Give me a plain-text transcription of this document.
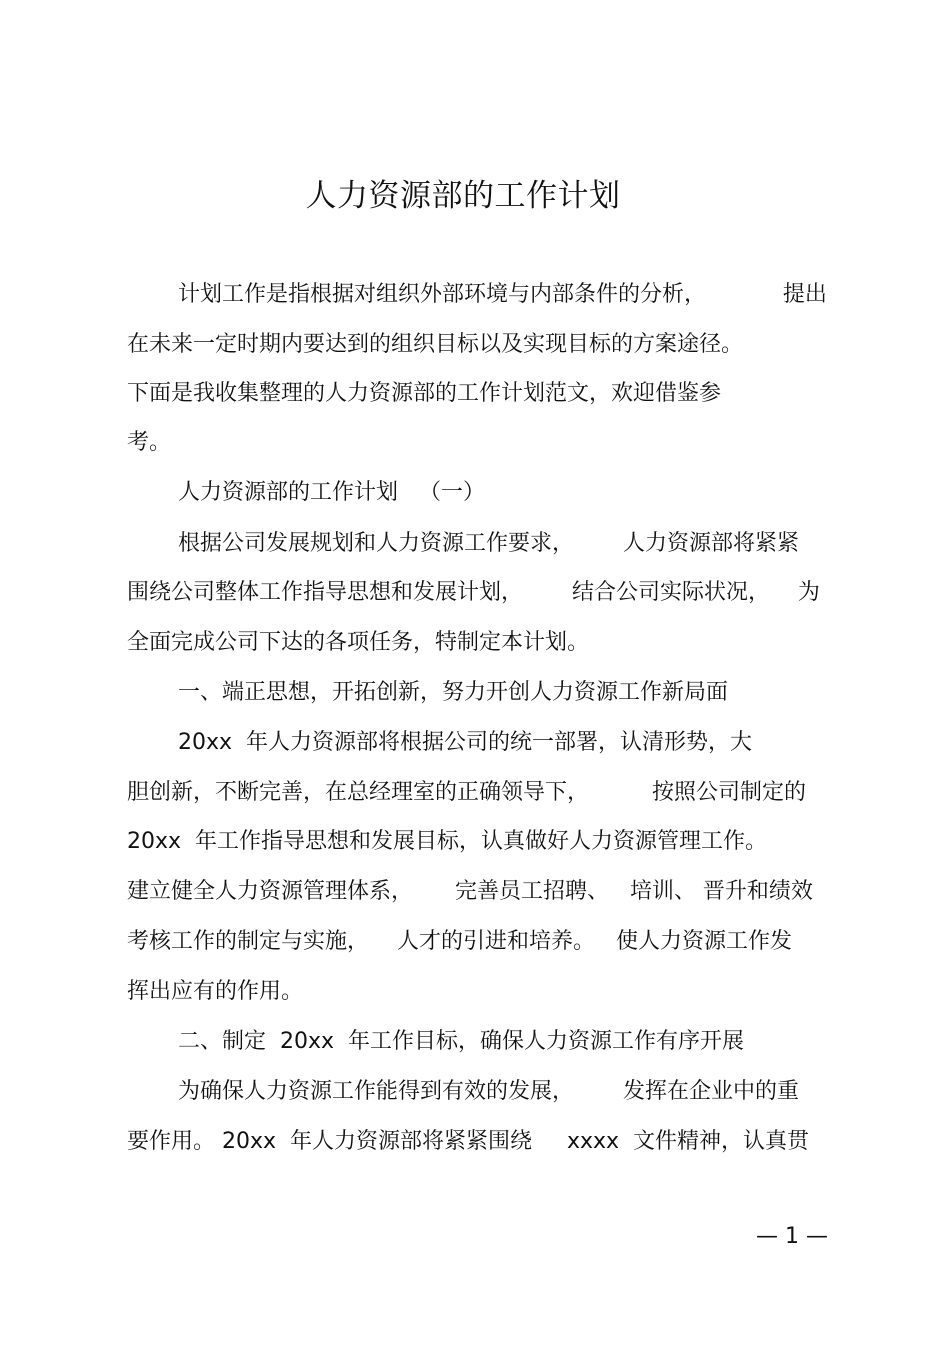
人力资源部的工作计划

计划工作是指根据对组织外部环境与内部条件的分析，           提出

在未来一定时期内要达到的组织目标以及实现目标的方案途径。

下面是我收集整理的人力资源部的工作计划范文，欢迎借鉴参

考。

人力资源部的工作计划   （一）

根据公司发展规划和人力资源工作要求，       人力资源部将紧紧

围绕公司整体工作指导思想和发展计划，       结合公司实际状况，    为

全面完成公司下达的各项任务，特制定本计划。

一、端正思想，开拓创新，努力开创人力资源工作新局面

20xx  年人力资源部将根据公司的统一部署，认清形势，大

胆创新，不断完善，在总经理室的正确领导下，         按照公司制定的

20xx  年工作指导思想和发展目标，认真做好人力资源管理工作。

建立健全人力资源管理体系，      完善员工招聘、   培训、 晋升和绩效

考核工作的制定与实施，    人才的引进和培养。   使人力资源工作发

挥出应有的作用。

二、制定  20xx  年工作目标，确保人力资源工作有序开展

为确保人力资源工作能得到有效的发展，       发挥在企业中的重

要作用。 20xx  年人力资源部将紧紧围绕     xxxx  文件精神，认真贯

— 1 —
